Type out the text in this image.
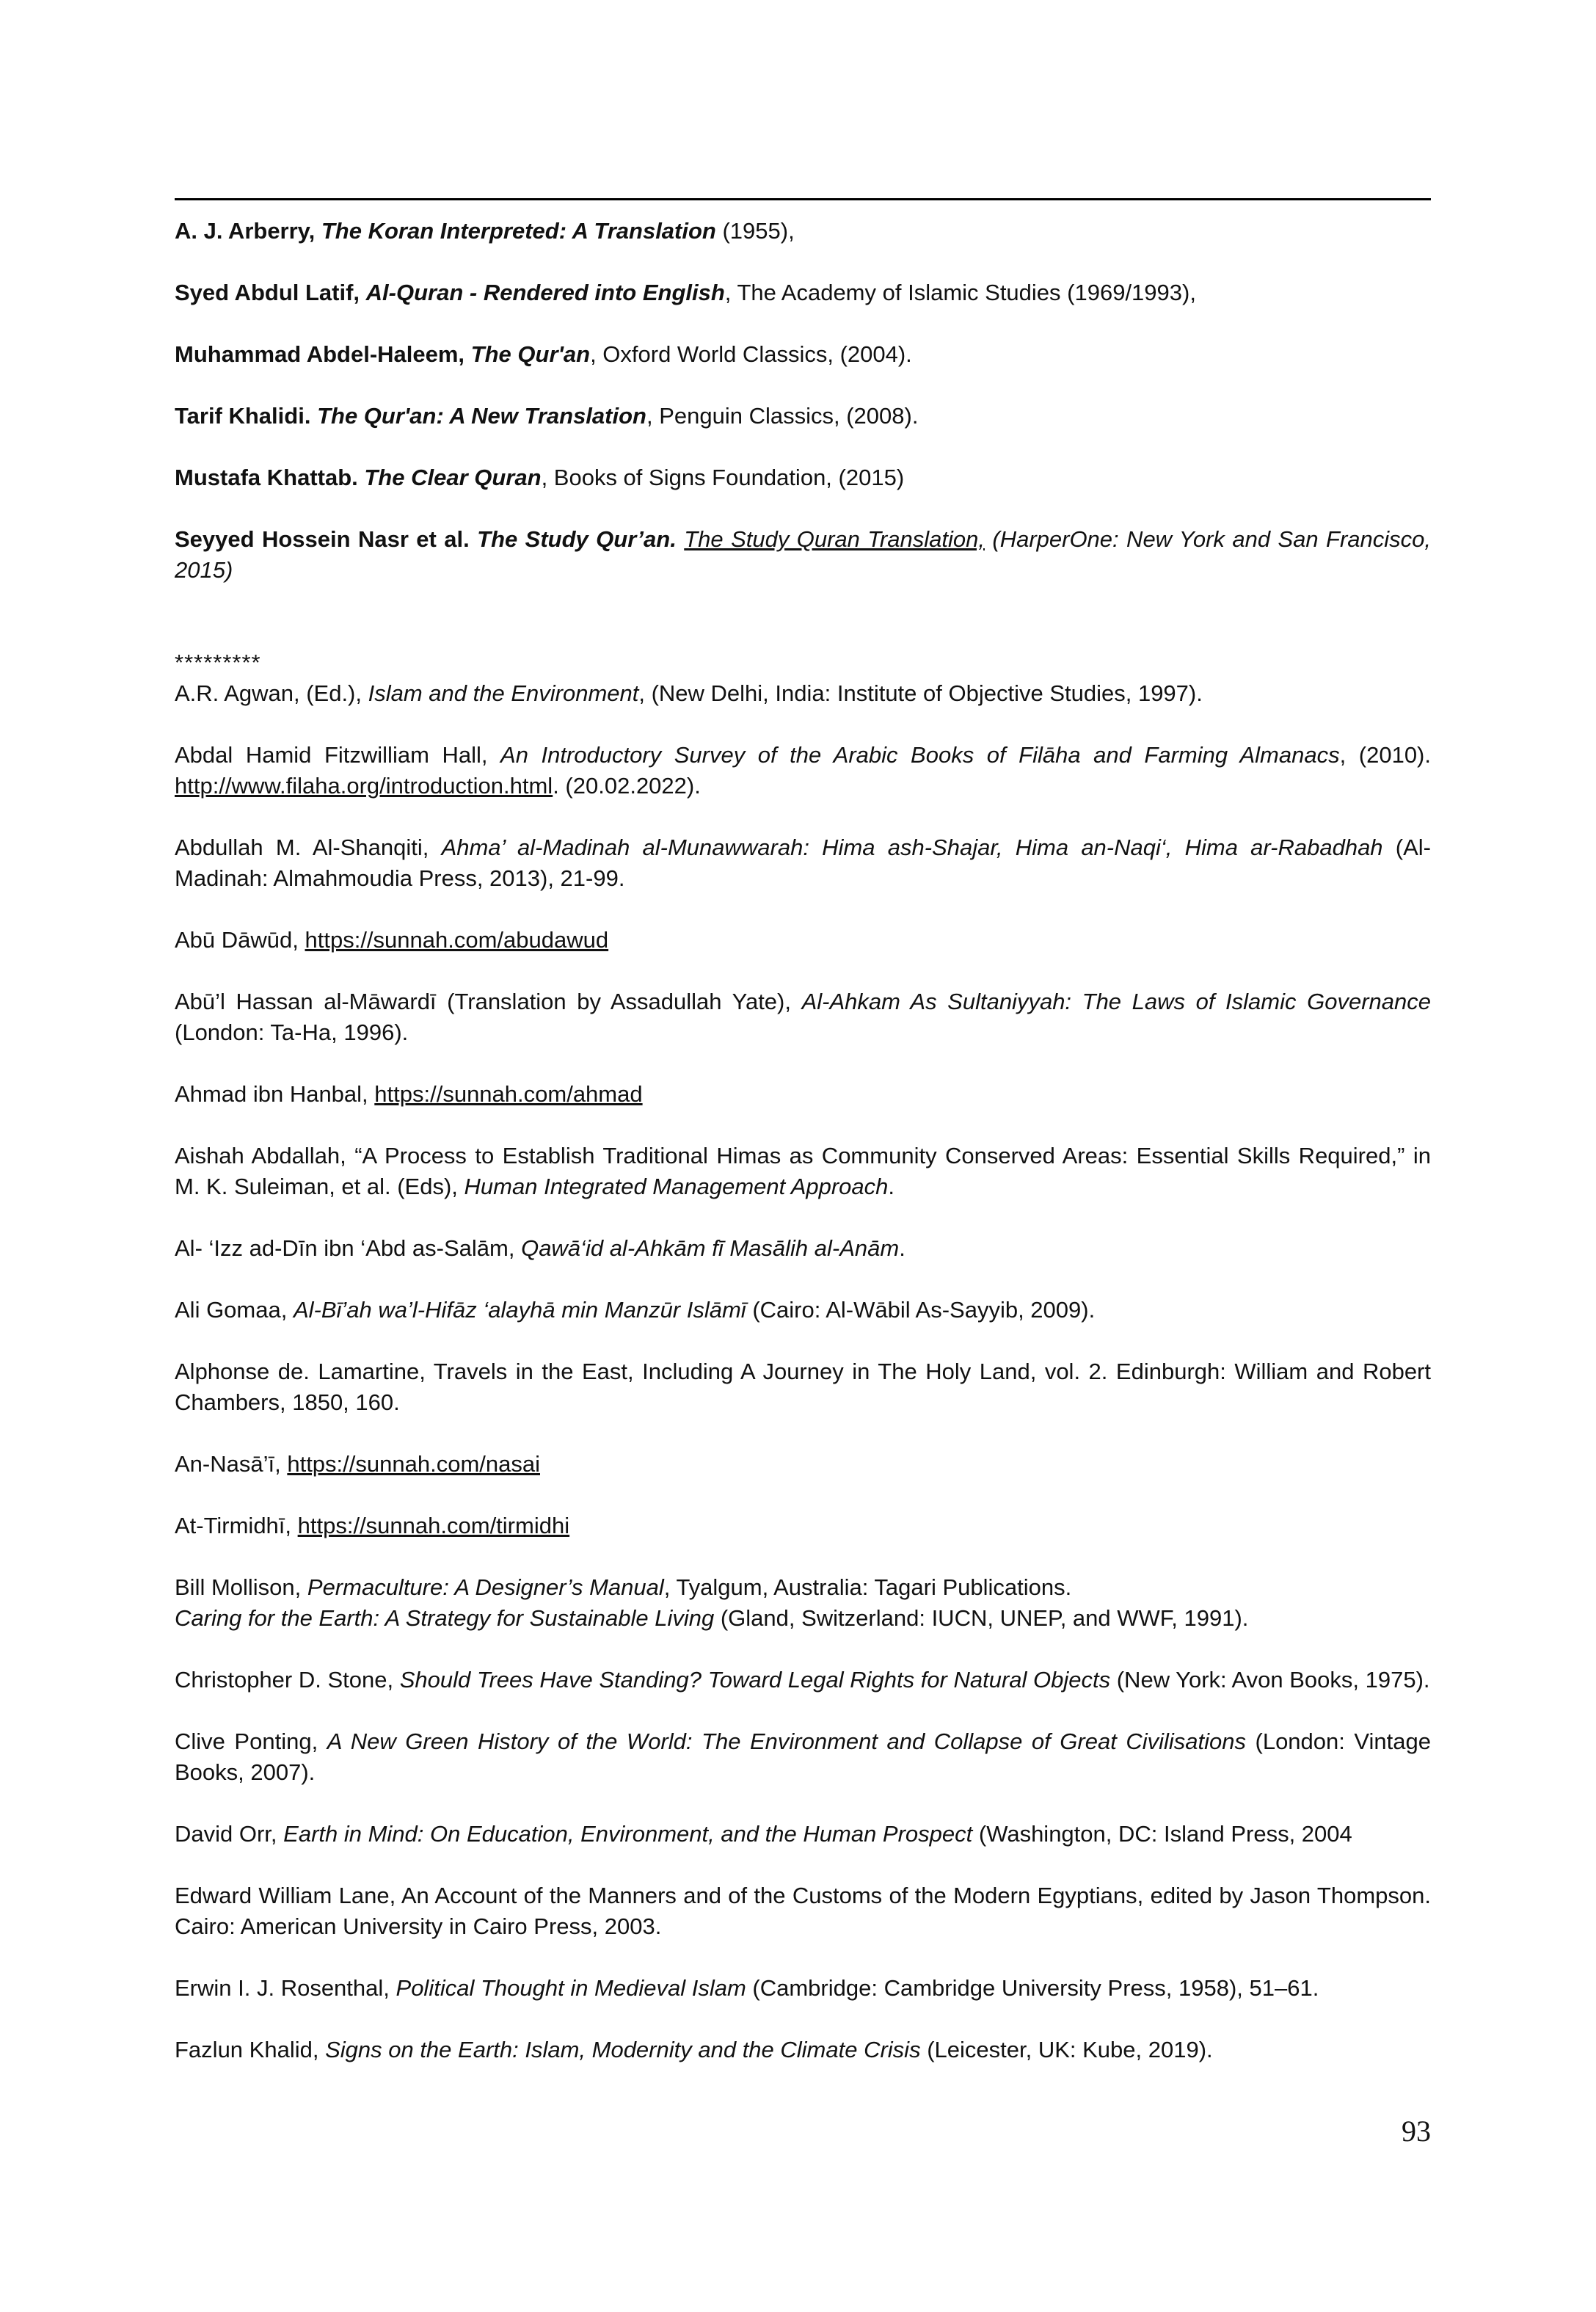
A. J. Arberry, The Koran Interpreted: A Translation (1955),

Syed Abdul Latif, Al-Quran - Rendered into English, The Academy of Islamic Studies (1969/1993),

Muhammad Abdel-Haleem, The Qur'an, Oxford World Classics, (2004).

Tarif Khalidi. The Qur'an: A New Translation, Penguin Classics, (2008).

Mustafa Khattab. The Clear Quran, Books of Signs Foundation, (2015)

Seyyed Hossein Nasr et al. The Study Qur’an. The Study Quran Translation, (HarperOne: New York and San Francisco, 2015)

*********

A.R. Agwan, (Ed.), Islam and the Environment, (New Delhi, India: Institute of Objective Studies, 1997).

Abdal Hamid Fitzwilliam Hall, An Introductory Survey of the Arabic Books of Filāha and Farming Almanacs, (2010). http://www.filaha.org/introduction.html. (20.02.2022).

Abdullah M. Al-Shanqiti, Ahma’ al-Madinah al-Munawwarah: Hima ash-Shajar, Hima an-Naqi‘, Hima ar-Rabadhah (Al-Madinah: Almahmoudia Press, 2013), 21-99.

Abū Dāwūd, https://sunnah.com/abudawud

Abū’l Hassan al-Māwardī (Translation by Assadullah Yate), Al-Ahkam As Sultaniyyah: The Laws of Islamic Governance (London: Ta-Ha, 1996).

Ahmad ibn Hanbal, https://sunnah.com/ahmad

Aishah Abdallah, “A Process to Establish Traditional Himas as Community Conserved Areas: Essential Skills Required,” in M. K. Suleiman, et al. (Eds), Human Integrated Management Approach.

Al- ‘Izz ad-Dīn ibn ‘Abd as-Salām, Qawā‘id al-Ahkām fī Masālih al-Anām.

Ali Gomaa, Al-Bī’ah wa’l-Hifāz ‘alayhā min Manzūr Islāmī (Cairo: Al-Wābil As-Sayyib, 2009).

Alphonse de. Lamartine, Travels in the East, Including A Journey in The Holy Land, vol. 2. Edinburgh: William and Robert Chambers, 1850, 160.

An-Nasā’ī, https://sunnah.com/nasai

At-Tirmidhī, https://sunnah.com/tirmidhi

Bill Mollison, Permaculture: A Designer’s Manual, Tyalgum, Australia: Tagari Publications.

Caring for the Earth: A Strategy for Sustainable Living (Gland, Switzerland: IUCN, UNEP, and WWF, 1991).

Christopher D. Stone, Should Trees Have Standing? Toward Legal Rights for Natural Objects (New York: Avon Books, 1975).

Clive Ponting, A New Green History of the World: The Environment and Collapse of Great Civilisations (London: Vintage Books, 2007).

David Orr, Earth in Mind: On Education, Environment, and the Human Prospect (Washington, DC: Island Press, 2004

Edward William Lane, An Account of the Manners and of the Customs of the Modern Egyptians, edited by Jason Thompson. Cairo: American University in Cairo Press, 2003.

Erwin I. J. Rosenthal, Political Thought in Medieval Islam (Cambridge: Cambridge University Press, 1958), 51–61.

Fazlun Khalid, Signs on the Earth: Islam, Modernity and the Climate Crisis (Leicester, UK: Kube, 2019).

93
